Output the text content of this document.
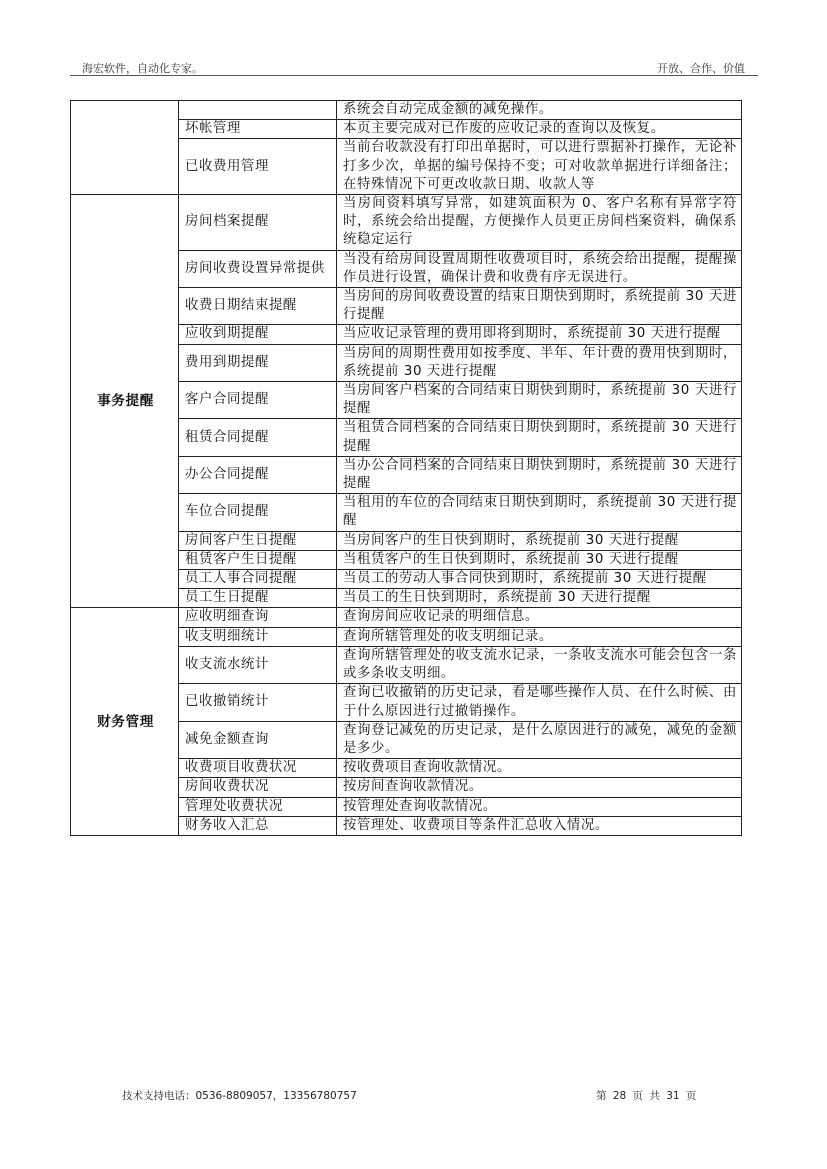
海宏软件，自动化专家。	开放、合作、价值
		系统会自动完成金额的减免操作。
	坏帐管理	本页主要完成对已作废的应收记录的查询以及恢复。
	已收费用管理	当前台收款没有打印出单据时，可以进行票据补打操作，无论补打多少次，单据的编号保持不变；可对收款单据进行详细备注；在特殊情况下可更改收款日期、收款人等
事务提醒	房间档案提醒	当房间资料填写异常，如建筑面积为 0、客户名称有异常字符时，系统会给出提醒，方便操作人员更正房间档案资料，确保系统稳定运行
	房间收费设置异常提供	当没有给房间设置周期性收费项目时，系统会给出提醒，提醒操作员进行设置，确保计费和收费有序无误进行。
	收费日期结束提醒	当房间的房间收费设置的结束日期快到期时，系统提前 30 天进行提醒
	应收到期提醒	当应收记录管理的费用即将到期时，系统提前 30 天进行提醒
	费用到期提醒	当房间的周期性费用如按季度、半年、年计费的费用快到期时，系统提前 30 天进行提醒
	客户合同提醒	当房间客户档案的合同结束日期快到期时，系统提前 30 天进行提醒
	租赁合同提醒	当租赁合同档案的合同结束日期快到期时，系统提前 30 天进行提醒
	办公合同提醒	当办公合同档案的合同结束日期快到期时，系统提前 30 天进行提醒
	车位合同提醒	当租用的车位的合同结束日期快到期时，系统提前 30 天进行提醒
	房间客户生日提醒	当房间客户的生日快到期时，系统提前 30 天进行提醒
	租赁客户生日提醒	当租赁客户的生日快到期时，系统提前 30 天进行提醒
	员工人事合同提醒	当员工的劳动人事合同快到期时，系统提前 30 天进行提醒
	员工生日提醒	当员工的生日快到期时，系统提前 30 天进行提醒
财务管理	应收明细查询	查询房间应收记录的明细信息。
	收支明细统计	查询所辖管理处的收支明细记录。
	收支流水统计	查询所辖管理处的收支流水记录，一条收支流水可能会包含一条或多条收支明细。
	已收撤销统计	查询已收撤销的历史记录，看是哪些操作人员、在什么时候、由于什么原因进行过撤销操作。
	减免金额查询	查询登记减免的历史记录，是什么原因进行的减免，减免的金额是多少。
	收费项目收费状况	按收费项目查询收款情况。
	房间收费状况	按房间查询收款情况。
	管理处收费状况	按管理处查询收款情况。
	财务收入汇总	按管理处、收费项目等条件汇总收入情况。
技术支持电话：0536-8809057，13356780757	第 28 页 共 31 页
